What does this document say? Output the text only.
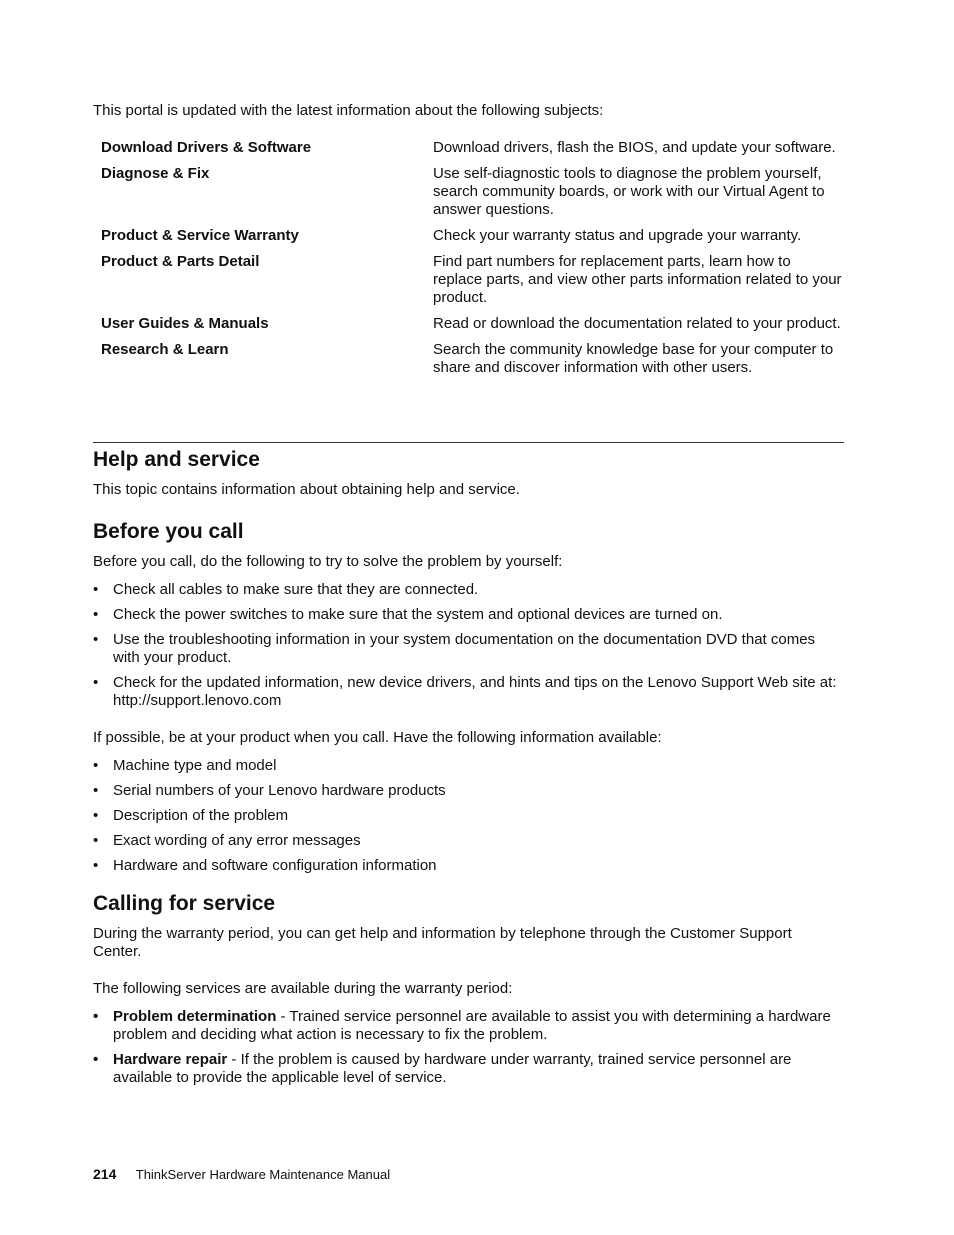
This portal is updated with the latest information about the following subjects:

Download Drivers & Software	Download drivers, flash the BIOS, and update your software.
Diagnose & Fix	Use self-diagnostic tools to diagnose the problem yourself, search community boards, or work with our Virtual Agent to answer questions.
Product & Service Warranty	Check your warranty status and upgrade your warranty.
Product & Parts Detail	Find part numbers for replacement parts, learn how to replace parts, and view other parts information related to your product.
User Guides & Manuals	Read or download the documentation related to your product.
Research & Learn	Search the community knowledge base for your computer to share and discover information with other users.
Help and service

This topic contains information about obtaining help and service.

Before you call

Before you call, do the following to try to solve the problem by yourself:

• Check all cables to make sure that they are connected.
• Check the power switches to make sure that the system and optional devices are turned on.
• Use the troubleshooting information in your system documentation on the documentation DVD that comes with your product.
• Check for the updated information, new device drivers, and hints and tips on the Lenovo Support Web site at:
http://support.lenovo.com

If possible, be at your product when you call. Have the following information available:

• Machine type and model
• Serial numbers of your Lenovo hardware products
• Description of the problem
• Exact wording of any error messages
• Hardware and software configuration information
Calling for service

During the warranty period, you can get help and information by telephone through the Customer Support Center.

The following services are available during the warranty period:

• Problem determination - Trained service personnel are available to assist you with determining a hardware problem and deciding what action is necessary to fix the problem.
• Hardware repair - If the problem is caused by hardware under warranty, trained service personnel are available to provide the applicable level of service.
214 ThinkServer Hardware Maintenance Manual
